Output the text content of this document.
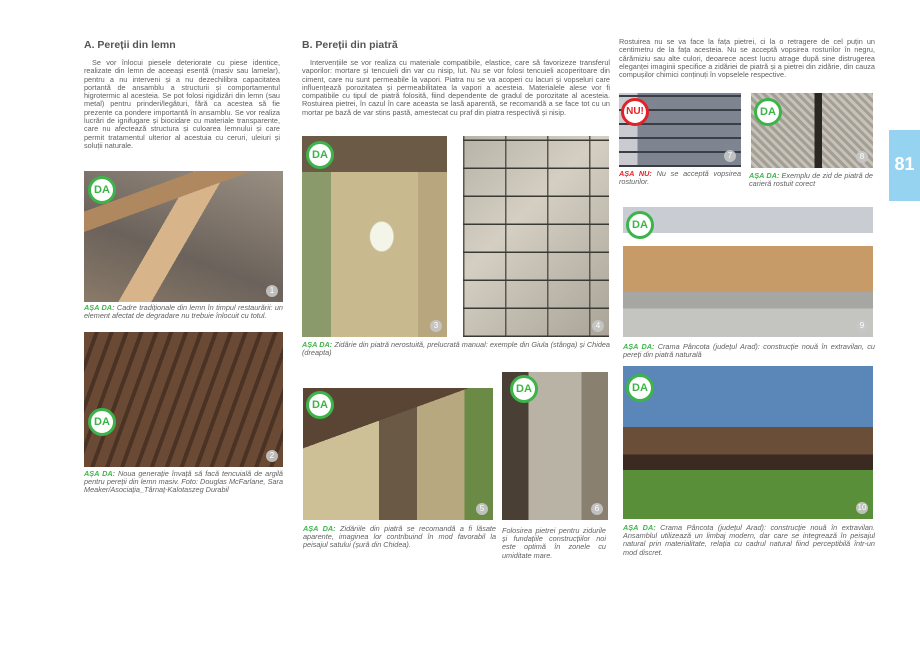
A. Pereții din lemn
Se vor înlocui piesele deteriorate cu piese identice, realizate din lemn de aceeași esență (masiv sau lamelar), pentru a nu interveni și a nu dezechilibra capacitatea portantă de ansamblu a structurii și comportamentul higrotermic al acesteia. Se pot folosi rigidizări din lemn (sau metal) pentru prinderi/legături, fără ca acestea să fie prezente ca pondere importantă în ansamblu. Se vor realiza lucrări de ignifugare și biocidare cu materiale transparente, care nu afectează structura și culoarea lemnului și care permit tratamentul ulterior al acestuia cu ceruri, uleiuri și soluții naturale.
DA
1
AȘA DA: Cadre tradiționale din lemn în timpul restaurării: un element afectat de degradare nu trebuie înlocuit cu totul.
DA
2
AȘA DA: Noua generație învață să facă tencuială de argilă pentru pereții din lemn masiv. Foto: Douglas McFarlane, Sara Meaker/Asociația_Târnaț-Kalotaszeg Durabil
B. Pereții din piatră
Intervențiile se vor realiza cu materiale compatibile, elastice, care să favorizeze transferul vaporilor: mortare și tencuieli din var cu nisip, lut. Nu se vor folosi tencuieli acoperitoare din ciment, care nu sunt permeabile la vapori. Piatra nu se va acoperi cu lacuri și vopseluri care influențează porozitatea și permeabilitatea la vapori a acesteia. Materialele alese vor fi compatibile cu tipul de piatră folosită, fiind dependente de gradul de porozitate al acesteia. Rostuirea pietrei, în cazul în care aceasta se lasă aparentă, se recomandă a se face tot cu un mortar pe bază de var stins pastă, amestecat cu praf din piatra respectivă și nisip.
DA
3	4
AȘA DA: Zidărie din piatră nerostuită, prelucrată manual: exemple din Giula (stânga) și Chidea (dreapta)
DA
5
DA
6
AȘA DA: Zidăriile din piatră se recomandă a fi lăsate aparente, imaginea lor contribuind în mod favorabil la peisajul satului (șură din Chidea).
Folosirea pietrei pentru zidurile și fundațiile construcțiilor noi este optimă în zonele cu umiditate mare.
Rostuirea nu se va face la fața pietrei, ci la o retragere de cel puțin un centimetru de la fața acesteia. Nu se acceptă vopsirea rosturilor în negru, cărămiziu sau alte culori, deoarece acest lucru atrage după sine distrugerea eleganței imaginii specifice a zidăriei de piatră și a pietrei din zidărie, din cauza compușilor chimici conținuți în vopselele respective.
NU!
7
DA
8
AȘA NU: Nu se acceptă vopsirea rosturilor.
AȘA DA: Exemplu de zid de piatră de carieră rostuit corect
DA
9
AȘA DA: Crama Pâncota (județul Arad): construcție nouă în extravilan, cu pereți din piatră naturală
DA
10
AȘA DA: Crama Pâncota (județul Arad): construcție nouă în extravilan. Ansamblul utilizează un limbaj modern, dar care se integrează în peisajul natural prin materialitate, relația cu cadrul natural fiind perceptibilă într-un mod discret.
81
